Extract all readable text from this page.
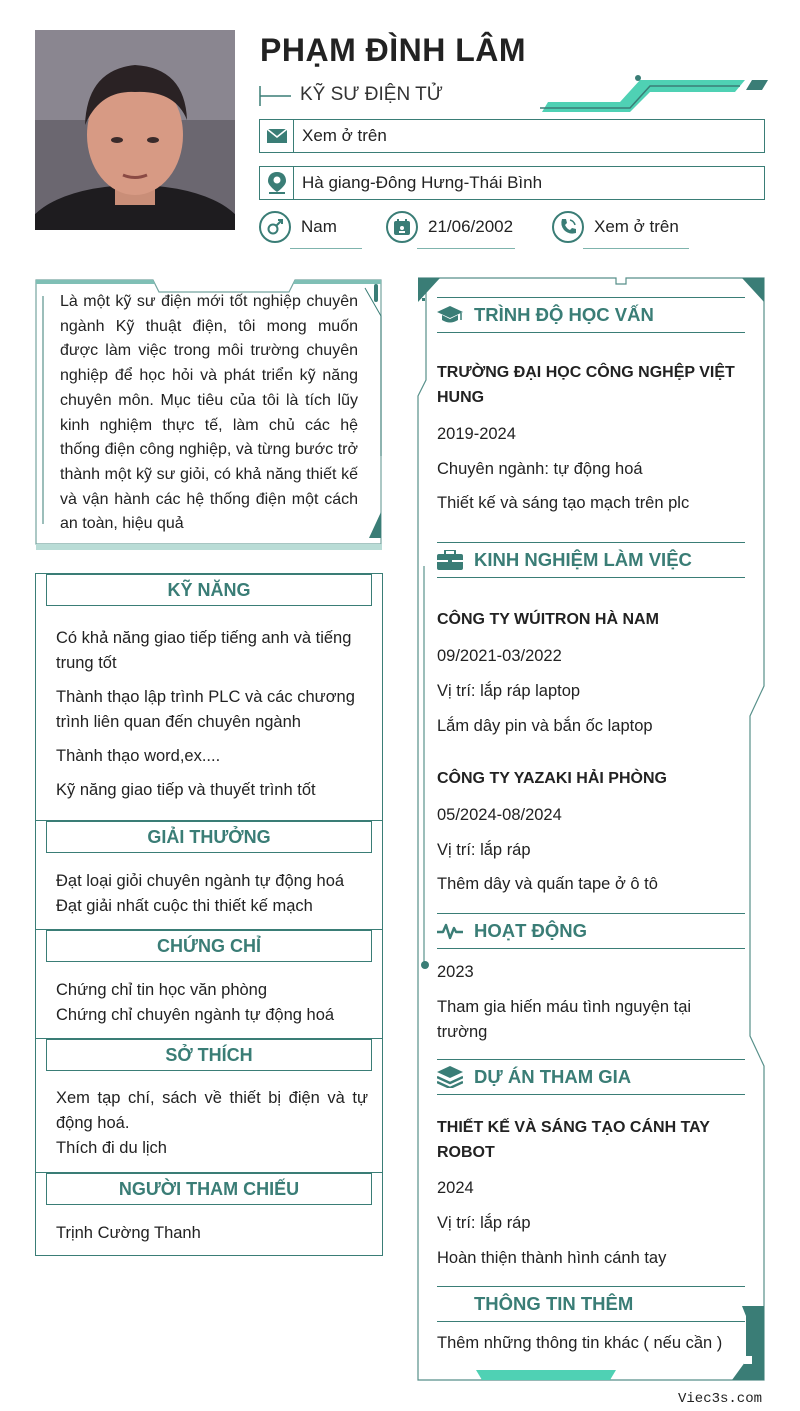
PHẠM ĐÌNH LÂM
KỸ SƯ ĐIỆN TỬ
Xem ở trên
Hà giang-Đông Hưng-Thái Bình
Nam	21/06/2002	Xem ở trên
Là một kỹ sư điện mới tốt nghiệp chuyên ngành Kỹ thuật điện, tôi mong muốn được làm việc trong môi trường chuyên nghiệp để học hỏi và phát triển kỹ năng chuyên môn. Mục tiêu của tôi là tích lũy kinh nghiệm thực tế, làm chủ các hệ thống điện công nghiệp, và từng bước trở thành một kỹ sư giỏi, có khả năng thiết kế và vận hành các hệ thống điện một cách an toàn, hiệu quả
KỸ NĂNG
Có khả năng giao tiếp tiếng anh và tiếng trung tốt
Thành thạo lập trình PLC và các chương trình liên quan đến chuyên ngành
Thành thạo word,ex....
Kỹ năng giao tiếp và thuyết trình tốt
GIẢI THƯỞNG
Đạt loại giỏi chuyên ngành tự động hoá
Đạt giải nhất cuộc thi thiết kế mạch
CHỨNG CHỈ
Chứng chỉ tin học văn phòng
Chứng chỉ chuyên ngành tự động hoá
SỞ THÍCH
Xem tạp chí, sách về thiết bị điện và tự động hoá.
Thích đi du lịch
NGƯỜI THAM CHIẾU
Trịnh Cường Thanh
TRÌNH ĐỘ HỌC VẤN
TRƯỜNG ĐẠI HỌC CÔNG NGHỆP VIỆT HUNG
2019-2024
Chuyên ngành: tự động hoá
Thiết kế và sáng tạo mạch trên plc
KINH NGHIỆM LÀM VIỆC
CÔNG TY WÚITRON HÀ NAM
09/2021-03/2022
Vị trí: lắp ráp laptop
Lắm dây pin và bắn ốc laptop
CÔNG TY YAZAKI HẢI PHÒNG
05/2024-08/2024
Vị trí: lắp ráp
Thêm dây và quấn tape ở ô tô
HOẠT ĐỘNG
2023
Tham gia hiến máu tình nguyện tại trường
DỰ ÁN THAM GIA
THIẾT KẾ VÀ SÁNG TẠO CÁNH TAY ROBOT
2024
Vị trí: lắp ráp
Hoàn thiện thành hình cánh tay
THÔNG TIN THÊM
Thêm những thông tin khác ( nếu cần )
Viec3s.com
